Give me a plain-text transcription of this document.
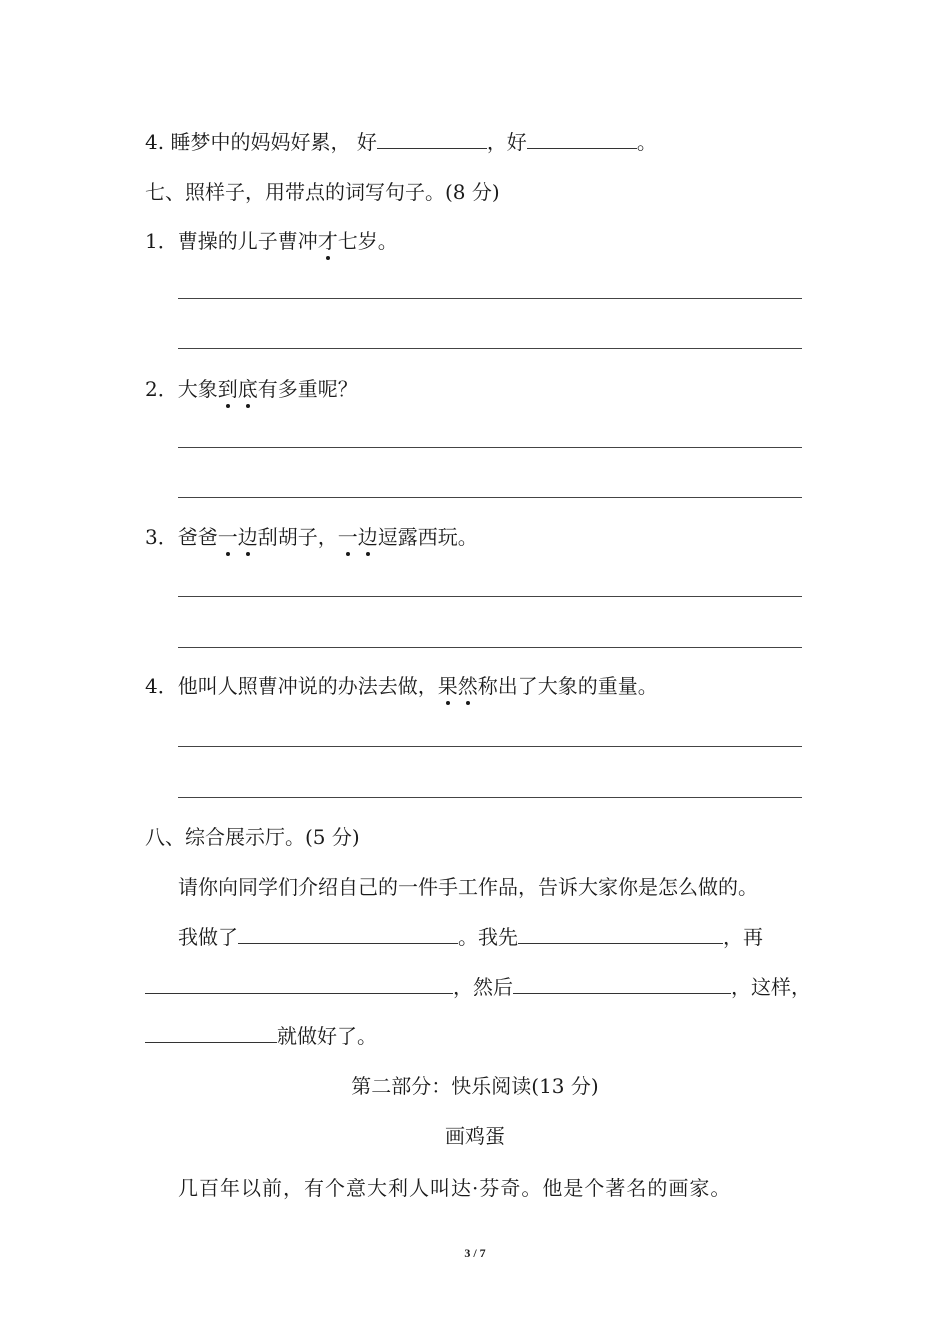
4. 睡梦中的妈妈好累， 好	，好	。
七、照样子，用带点的词写句子。(8 分)
1．曹操的儿子曹冲才七岁。
2．大象到底有多重呢？
3．爸爸一边刮胡子，一边逗露西玩。
4．他叫人照曹冲说的办法去做，果然称出了大象的重量。
八、综合展示厅。(5 分)
请你向同学们介绍自己的一件手工作品，告诉大家你是怎么做的。
我做了	。我先	，再
，然后	，这样，
就做好了。
第二部分：快乐阅读(13 分)
画鸡蛋
几百年以前，有个意大利人叫达·芬奇。他是个著名的画家。
3 / 7
